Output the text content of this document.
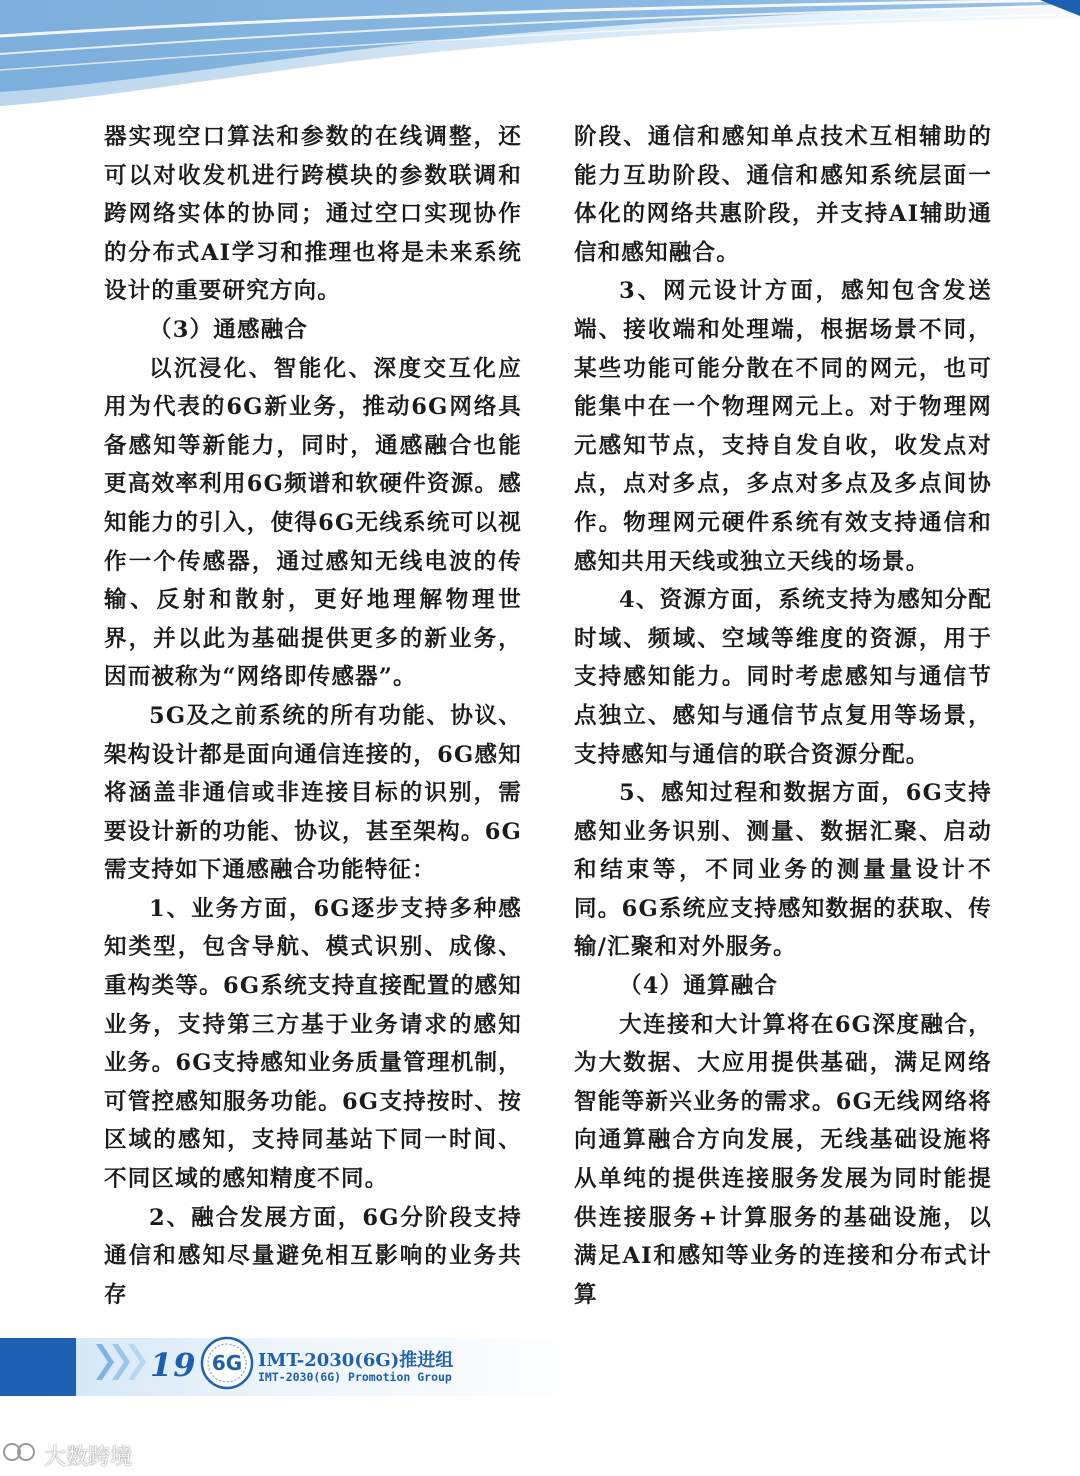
器实现空口算法和参数的在线调整，还可以对收发机进行跨模块的参数联调和跨网络实体的协同；通过空口实现协作的分布式AI学习和推理也将是未来系统设计的重要研究方向。

（3）通感融合

以沉浸化、智能化、深度交互化应用为代表的6G新业务，推动6G网络具备感知等新能力，同时，通感融合也能更高效率利用6G频谱和软硬件资源。感知能力的引入，使得6G无线系统可以视作一个传感器，通过感知无线电波的传输、反射和散射，更好地理解物理世界，并以此为基础提供更多的新业务，因而被称为“网络即传感器”。

5G及之前系统的所有功能、协议、架构设计都是面向通信连接的，6G感知将涵盖非通信或非连接目标的识别，需要设计新的功能、协议，甚至架构。6G需支持如下通感融合功能特征：

1、业务方面，6G逐步支持多种感知类型，包含导航、模式识别、成像、重构类等。6G系统支持直接配置的感知业务，支持第三方基于业务请求的感知业务。6G支持感知业务质量管理机制，可管控感知服务功能。6G支持按时、按区域的感知，支持同基站下同一时间、不同区域的感知精度不同。

2、融合发展方面，6G分阶段支持通信和感知尽量避免相互影响的业务共存

阶段、通信和感知单点技术互相辅助的能力互助阶段、通信和感知系统层面一体化的网络共惠阶段，并支持AI辅助通信和感知融合。

3、网元设计方面，感知包含发送端、接收端和处理端，根据场景不同，某些功能可能分散在不同的网元，也可能集中在一个物理网元上。对于物理网元感知节点，支持自发自收，收发点对点，点对多点，多点对多点及多点间协作。物理网元硬件系统有效支持通信和感知共用天线或独立天线的场景。

4、资源方面，系统支持为感知分配时域、频域、空域等维度的资源，用于支持感知能力。同时考虑感知与通信节点独立、感知与通信节点复用等场景，支持感知与通信的联合资源分配。

5、感知过程和数据方面，6G支持感知业务识别、测量、数据汇聚、启动和结束等，不同业务的测量量设计不同。6G系统应支持感知数据的获取、传输/汇聚和对外服务。

（4）通算融合

大连接和大计算将在6G深度融合，为大数据、大应用提供基础，满足网络智能等新兴业务的需求。6G无线网络将向通算融合方向发展，无线基础设施将从单纯的提供连接服务发展为同时能提供连接服务+计算服务的基础设施，以满足AI和感知等业务的连接和分布式计算

19 6G IMT-2030(6G)推进组
IMT-2030(6G) Promotion Group
大数跨境
